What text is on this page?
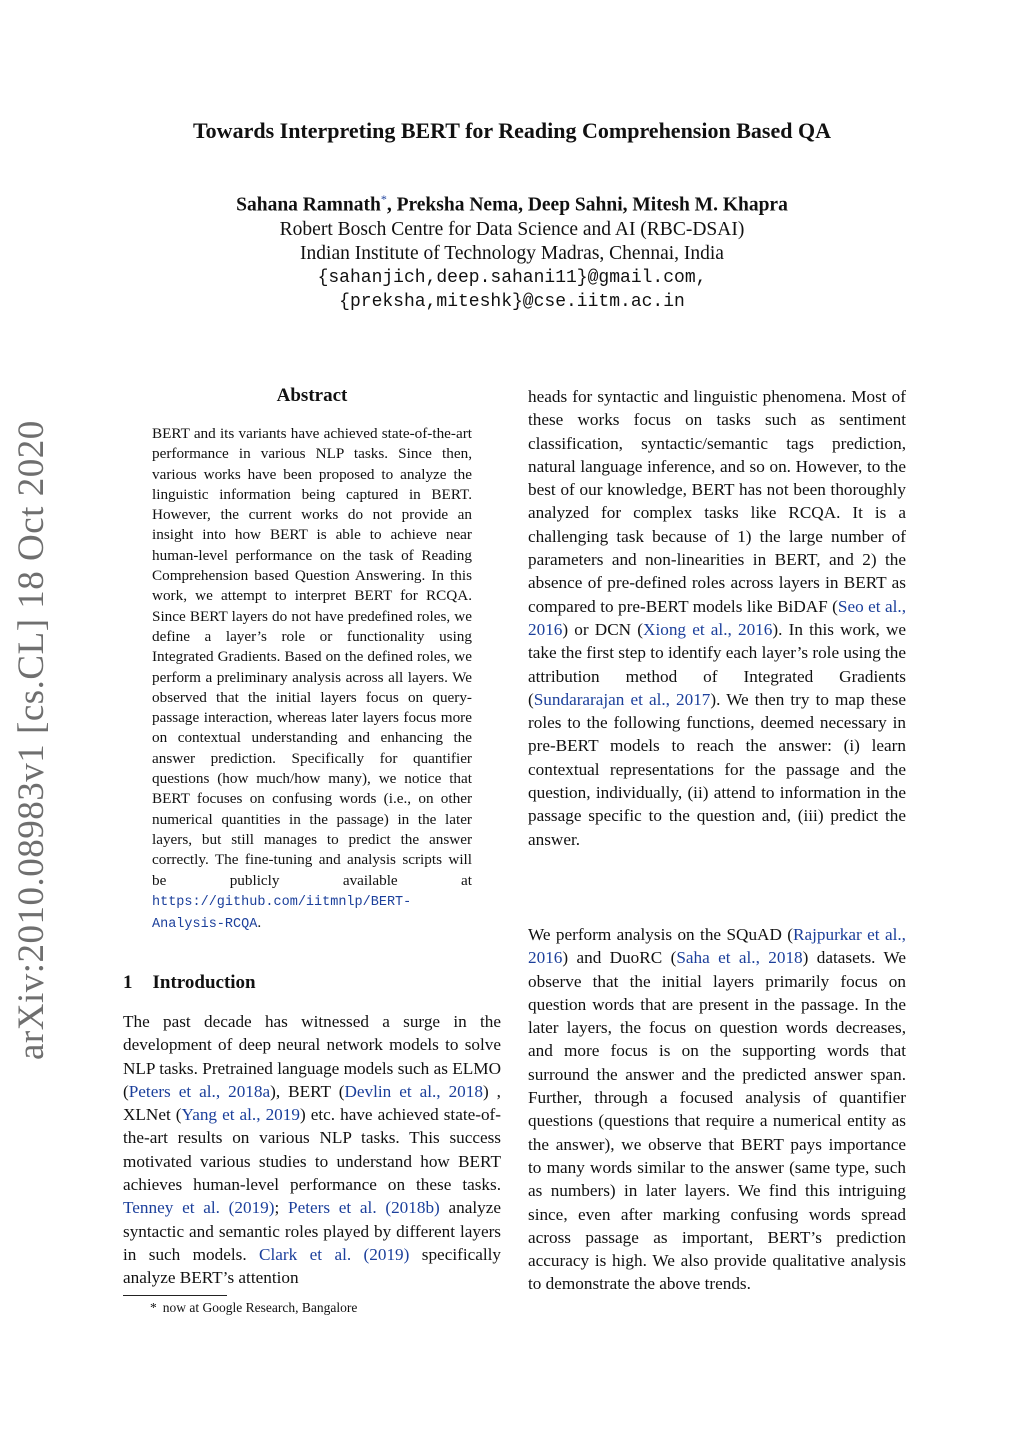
arXiv:2010.08983v1 [cs.CL] 18 Oct 2020
Towards Interpreting BERT for Reading Comprehension Based QA
Sahana Ramnath*, Preksha Nema, Deep Sahni, Mitesh M. Khapra
Robert Bosch Centre for Data Science and AI (RBC-DSAI)
Indian Institute of Technology Madras, Chennai, India
{sahanjich,deep.sahani11}@gmail.com,
{preksha,miteshk}@cse.iitm.ac.in
Abstract
BERT and its variants have achieved state-of-the-art performance in various NLP tasks. Since then, various works have been proposed to analyze the linguistic information being captured in BERT. However, the current works do not provide an insight into how BERT is able to achieve near human-level performance on the task of Reading Comprehension based Question Answering. In this work, we attempt to interpret BERT for RCQA. Since BERT layers do not have predefined roles, we define a layer’s role or functionality using Integrated Gradients. Based on the defined roles, we perform a preliminary analysis across all layers. We observed that the initial layers focus on query-passage interaction, whereas later layers focus more on contextual understanding and enhancing the answer prediction. Specifically for quantifier questions (how much/how many), we notice that BERT focuses on confusing words (i.e., on other numerical quantities in the passage) in the later layers, but still manages to predict the answer correctly. The fine-tuning and analysis scripts will be publicly available at https://github.com/iitmnlp/BERT-Analysis-RCQA.
1 Introduction
The past decade has witnessed a surge in the development of deep neural network models to solve NLP tasks. Pretrained language models such as ELMO (Peters et al., 2018a), BERT (Devlin et al., 2018) , XLNet (Yang et al., 2019) etc. have achieved state-of-the-art results on various NLP tasks. This success motivated various studies to understand how BERT achieves human-level performance on these tasks. Tenney et al. (2019); Peters et al. (2018b) analyze syntactic and semantic roles played by different layers in such models. Clark et al. (2019) specifically analyze BERT’s attention
* now at Google Research, Bangalore
heads for syntactic and linguistic phenomena. Most of these works focus on tasks such as sentiment classification, syntactic/semantic tags prediction, natural language inference, and so on. However, to the best of our knowledge, BERT has not been thoroughly analyzed for complex tasks like RCQA. It is a challenging task because of 1) the large number of parameters and non-linearities in BERT, and 2) the absence of pre-defined roles across layers in BERT as compared to pre-BERT models like BiDAF (Seo et al., 2016) or DCN (Xiong et al., 2016). In this work, we take the first step to identify each layer’s role using the attribution method of Integrated Gradients (Sundararajan et al., 2017). We then try to map these roles to the following functions, deemed necessary in pre-BERT models to reach the answer: (i) learn contextual representations for the passage and the question, individually, (ii) attend to information in the passage specific to the question and, (iii) predict the answer.
We perform analysis on the SQuAD (Rajpurkar et al., 2016) and DuoRC (Saha et al., 2018) datasets. We observe that the initial layers primarily focus on question words that are present in the passage. In the later layers, the focus on question words decreases, and more focus is on the supporting words that surround the answer and the predicted answer span. Further, through a focused analysis of quantifier questions (questions that require a numerical entity as the answer), we observe that BERT pays importance to many words similar to the answer (same type, such as numbers) in later layers. We find this intriguing since, even after marking confusing words spread across passage as important, BERT’s prediction accuracy is high. We also provide qualitative analysis to demonstrate the above trends.
